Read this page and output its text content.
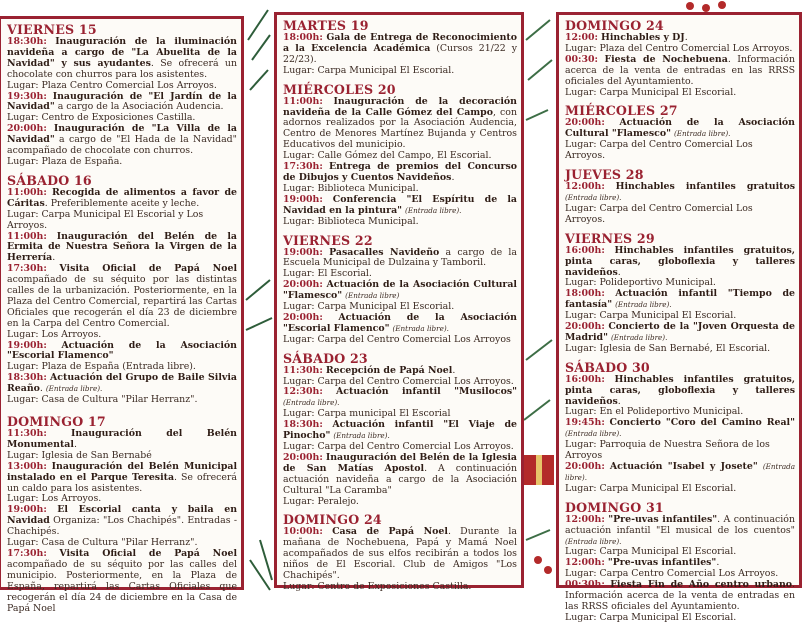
VIERNES 15
18:30h: Inauguración de la iluminación navideña a cargo de "La Abuelita de la Navidad" y sus ayudantes. Se ofrecerá un chocolate con churros para los asistentes.
Lugar: Plaza Centro Comercial Los Arroyos.
19:30h: Inauguración de "El Jardín de la Navidad" a cargo de la Asociación Audencia.
Lugar: Centro de Exposiciones Castilla.
20:00h: Inauguración de "La Villa de la Navidad" a cargo de "El Hada de la Navidad" acompañado de chocolate con churros.
Lugar: Plaza de España.
SÁBADO 16
11:00h: Recogida de alimentos a favor de Cáritas. Preferiblemente aceite y leche.
Lugar: Carpa Municipal El Escorial y Los Arroyos.
11:00h: Inauguración del Belén de la Ermita de Nuestra Señora la Virgen de la Herrería.
17:30h: Visita Oficial de Papá Noel acompañado de su séquito por las distintas calles de la urbanización. Posteriormente, en la Plaza del Centro Comercial, repartirá las Cartas Oficiales que recogerán el día 23 de diciembre en la Carpa del Centro Comercial.
Lugar: Los Arroyos.
19:00h: Actuación de la Asociación "Escorial Flamenco"
Lugar: Plaza de España (Entrada libre).
18:30h: Actuación del Grupo de Baile Silvia Reaño. (Entrada libre).
Lugar: Casa de Cultura "Pilar Herranz".
DOMINGO 17
11:30h:	Inauguración del Belén Monumental.
Lugar: Iglesia de San Bernabé
13:00h: Inauguración del Belén Municipal instalado en el Parque Teresita. Se ofrecerá un caldo para los asistentes.
Lugar: Los Arroyos.
19:00h: El Escorial canta y baila en Navidad Organiza: "Los Chachipés". Entradas - Chachipés.
Lugar: Casa de Cultura "Pilar Herranz".
17:30h: Visita Oficial de Papá Noel acompañado de su séquito por las calles del municipio. Posteriormente, en la Plaza de España, repartirá las Cartas Oficiales que recogerán el día 24 de diciembre en la Casa de Papá Noel
MARTES 19
18:00h: Gala de Entrega de Reconocimiento a la Excelencia Académica (Cursos 21/22 y 22/23).
Lugar: Carpa Municipal El Escorial.
MIÉRCOLES 20
11:00h: Inauguración de la decoración navideña de la Calle Gómez del Campo, con adornos realizados por la Asociación Audencia, Centro de Menores Martínez Bujanda y Centros Educativos del municipio.
Lugar: Calle Gómez del Campo, El Escorial.
17:30h: Entrega de premios del Concurso de Dibujos y Cuentos Navideños.
Lugar: Biblioteca Municipal.
19:00h: Conferencia "El Espíritu de la Navidad en la pintura" (Entrada libre).
Lugar: Biblioteca Municipal.
VIERNES 22
19:00h: Pasacalles Navideño a cargo de la Escuela Municipal de Dulzaina y Tamboril.
Lugar: El Escorial.
20:00h: Actuación de la Asociación Cultural "Flamesco" (Entrada libre)
Lugar: Carpa Municipal El Escorial.
20:00h: Actuación de la Asociación "Escorial Flamenco" (Entrada libre).
Lugar: Carpa del Centro Comercial Los Arroyos
SÁBADO 23
11:30h: Recepción de Papá Noel.
Lugar: Carpa del Centro Comercial Los Arroyos.
12:30h: Actuación infantil "Musilocos" (Entrada libre).
Lugar: Carpa municipal El Escorial
18:30h: Actuación infantil "El Viaje de Pinocho" (Entrada libre).
Lugar: Carpa del Centro Comercial Los Arroyos.
20:00h: Inauguración del Belén de la Iglesia de San Matías Apostol. A continuación actuación navideña a cargo de la Asociación Cultural "La Caramba"
Lugar: Peralejo.
DOMINGO 24
10:00h: Casa de Papá Noel. Durante la mañana de Nochebuena, Papá y Mamá Noel acompañados de sus elfos recibirán a todos los niños de El Escorial. Club de Amigos "Los Chachipés".
Lugar: Centro de Exposiciones Castilla.
DOMINGO 24
12:00: Hinchables y DJ.
Lugar: Plaza del Centro Comercial Los Arroyos.
00:30: Fiesta de Nochebuena. Información acerca de la venta de entradas en las RRSS oficiales del Ayuntamiento.
Lugar: Carpa Municipal El Escorial.
MIÉRCOLES 27
20:00h: Actuación de la Asociación Cultural "Flamesco" (Entrada libre).
Lugar: Carpa del Centro Comercial Los Arroyos.
JUEVES 28
12:00h: Hinchables infantiles gratuitos (Entrada libre).
Lugar: Carpa del Centro Comercial Los Arroyos.
VIERNES 29
16:00h: Hinchables infantiles gratuitos, pinta caras, globoflexia y talleres navideños.
Lugar: Polideportivo Municipal.
18:00h: Actuación infantil "Tiempo de fantasía" (Entrada libre).
Lugar: Carpa Municipal El Escorial.
20:00h: Concierto de la "Joven Orquesta de Madrid" (Entrada libre).
Lugar: Iglesia de San Bernabé, El Escorial.
SÁBADO 30
16:00h: Hinchables infantiles gratuitos, pinta caras, globoflexia y talleres navideños.
Lugar: En el Polideportivo Municipal.
19:45h: Concierto "Coro del Camino Real" (Entrada libre).
Lugar: Parroquia de Nuestra Señora de los Arroyos
20:00h: Actuación "Isabel y Josete" (Entrada libre).
Lugar: Carpa Municipal El Escorial.
DOMINGO 31
12:00h: "Pre-uvas infantiles". A continuación actuación infantil "El musical de los cuentos" (Entrada libre).
Lugar: Carpa Municipal El Escorial.
12:00h: "Pre-uvas infantiles".
Lugar: Carpa Centro Comercial Los Arroyos.
00:30h: Fiesta Fin de Año centro urbano. Información acerca de la venta de entradas en las RRSS oficiales del Ayuntamiento.
Lugar: Carpa Municipal El Escorial.
